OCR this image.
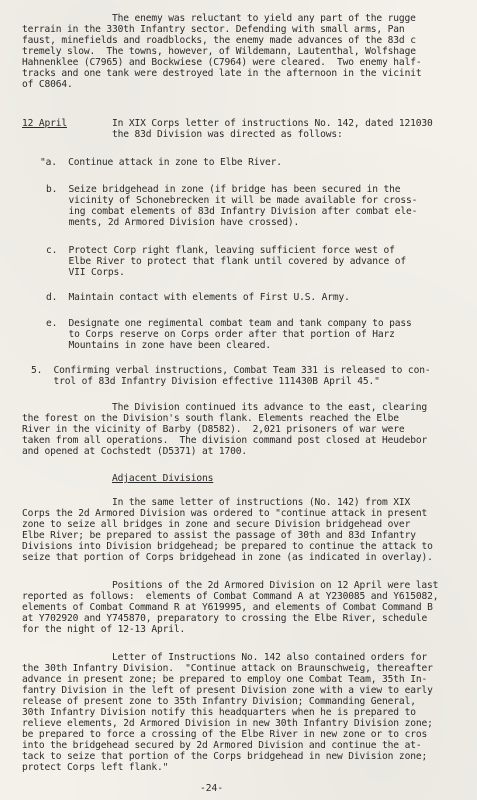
The enemy was reluctant to yield any part of the rugge
terrain in the 330th Infantry sector. Defending with small arms, Pan
faust, minefields and roadblocks, the enemy made advances of the 83d c
tremely slow.  The towns, however, of Wildemann, Lautenthal, Wolfshage
Hahnenklee (C7965) and Bockwiese (C7964) were cleared.  Two enemy half-
tracks and one tank were destroyed late in the afternoon in the vicinit
of C8064.
12 April	In XIX Corps letter of instructions No. 142, dated 121030
the 83d Division was directed as follows:
"a.  Continue attack in zone to Elbe River.
b.  Seize bridgehead in zone (if bridge has been secured in the
vicinity of Schonebrecken it will be made available for cross-
ing combat elements of 83d Infantry Division after combat ele-
ments, 2d Armored Division have crossed).
c.  Protect Corp right flank, leaving sufficient force west of
Elbe River to protect that flank until covered by advance of
VII Corps.
d.  Maintain contact with elements of First U.S. Army.
e.  Designate one regimental combat team and tank company to pass
to Corps reserve on Corps order after that portion of Harz
Mountains in zone have been cleared.
5.  Confirming verbal instructions, Combat Team 331 is released to con-
trol of 83d Infantry Division effective 111430B April 45."
The Division continued its advance to the east, clearing
the forest on the Division's south flank. Elements reached the Elbe
River in the vicinity of Barby (D8582).  2,021 prisoners of war were
taken from all operations.  The division command post closed at Heudebor
and opened at Cochstedt (D5371) at 1700.
Adjacent Divisions
In the same letter of instructions (No. 142) from XIX
Corps the 2d Armored Division was ordered to "continue attack in present
zone to seize all bridges in zone and secure Division bridgehead over
Elbe River; be prepared to assist the passage of 30th and 83d Infantry
Divisions into Division bridgehead; be prepared to continue the attack to
seize that portion of Corps bridgehead in zone (as indicated in overlay).
Positions of the 2d Armored Division on 12 April were last
reported as follows:  elements of Combat Command A at Y230085 and Y615082,
elements of Combat Command R at Y619995, and elements of Combat Command B
at Y702920 and Y745870, preparatory to crossing the Elbe River, schedule
for the night of 12-13 April.
Letter of Instructions No. 142 also contained orders for
the 30th Infantry Division.  "Continue attack on Braunschweig, thereafter
advance in present zone; be prepared to employ one Combat Team, 35th In-
fantry Division in the left of present Division zone with a view to early
release of present zone to 35th Infantry Division; Commanding General,
30th Infantry Division notify this headquarters when he is prepared to
relieve elements, 2d Armored Division in new 30th Infantry Division zone;
be prepared to force a crossing of the Elbe River in new zone or to cros
into the bridgehead secured by 2d Armored Division and continue the at-
tack to seize that portion of the Corps bridgehead in new Division zone;
protect Corps left flank."
-24-
